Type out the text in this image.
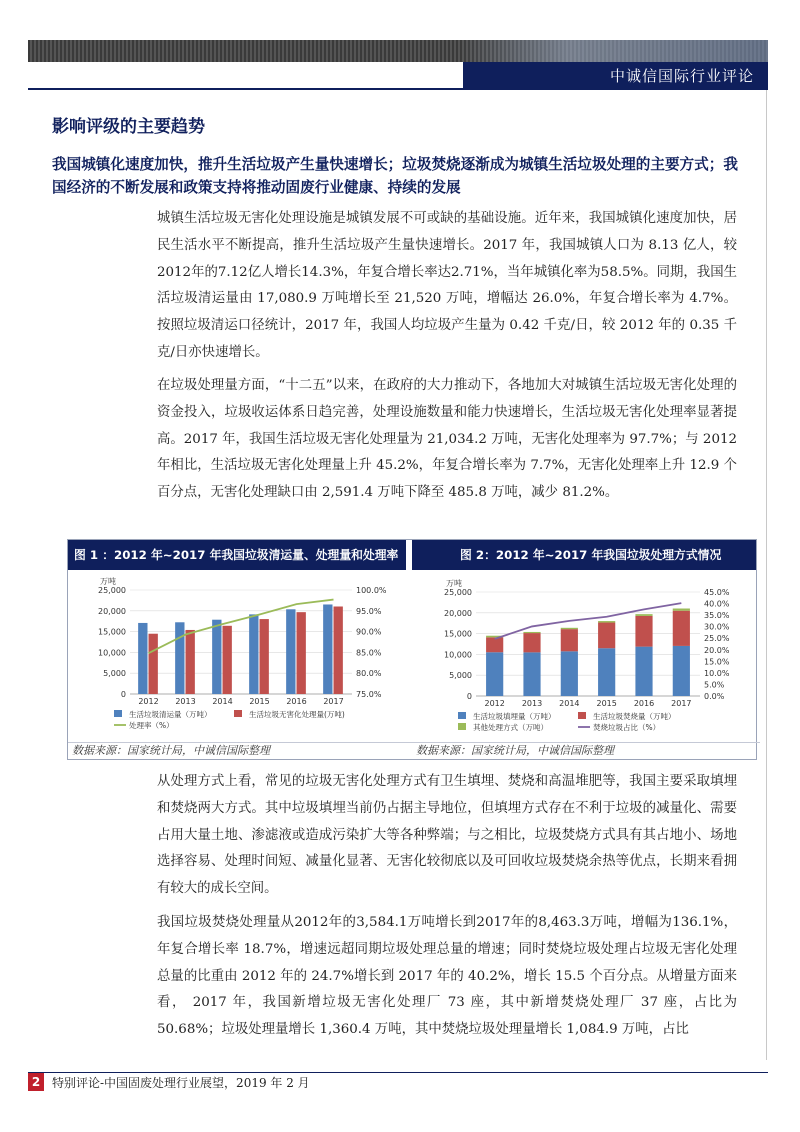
中诚信国际行业评论
影响评级的主要趋势
我国城镇化速度加快，推升生活垃圾产生量快速增长；垃圾焚烧逐渐成为城镇生活垃圾处理的主要方式；我国经济的不断发展和政策支持将推动固废行业健康、持续的发展

城镇生活垃圾无害化处理设施是城镇发展不可或缺的基础设施。近年来，我国城镇化速度加快，居民生活水平不断提高，推升生活垃圾产生量快速增长。2017 年，我国城镇人口为 8.13 亿人，较2012年的7.12亿人增长14.3%，年复合增长率达2.71%，当年城镇化率为58.5%。同期，我国生活垃圾清运量由 17,080.9 万吨增长至 21,520 万吨，增幅达 26.0%，年复合增长率为 4.7%。按照垃圾清运口径统计，2017 年，我国人均垃圾产生量为 0.42 千克/日，较 2012 年的 0.35 千克/日亦快速增长。

在垃圾处理量方面，“十二五”以来，在政府的大力推动下，各地加大对城镇生活垃圾无害化处理的资金投入，垃圾收运体系日趋完善，处理设施数量和能力快速增长，生活垃圾无害化处理率显著提高。2017 年，我国生活垃圾无害化处理量为 21,034.2 万吨，无害化处理率为 97.7%；与 2012 年相比，生活垃圾无害化处理量上升 45.2%，年复合增长率为 7.7%，无害化处理率上升 12.9 个百分点，无害化处理缺口由 2,591.4 万吨下降至 485.8 万吨，减少 81.2%。

图 1 ：2012 年~2017 年我国垃圾清运量、处理量和处理率情况
图 2：2012 年~2017 年我国垃圾处理方式情况
万吨
0
5,000
10,000
15,000
20,000
25,000
75.0%
80.0%
85.0%
90.0%
95.0%
100.0%
2012 2013 2014 2015 2016 2017
生活垃圾清运量（万吨）	生活垃圾无害化处理量(万吨)
处理率（%）
万吨
0
5,000
10,000
15,000
20,000
25,000
0.0%
5.0%
10.0%
15.0%
20.0%
25.0%
30.0%
35.0%
40.0%
45.0%
2012 2013 2014 2015 2016 2017
生活垃圾填埋量（万吨）	生活垃圾焚烧量（万吨）
其他处理方式（万吨）	焚烧垃圾占比（%）
数据来源：国家统计局，中诚信国际整理	数据来源：国家统计局，中诚信国际整理

从处理方式上看，常见的垃圾无害化处理方式有卫生填埋、焚烧和高温堆肥等，我国主要采取填埋和焚烧两大方式。其中垃圾填埋当前仍占据主导地位，但填埋方式存在不利于垃圾的减量化、需要占用大量土地、渗滤液或造成污染扩大等各种弊端；与之相比，垃圾焚烧方式具有其占地小、场地选择容易、处理时间短、减量化显著、无害化较彻底以及可回收垃圾焚烧余热等优点，长期来看拥有较大的成长空间。

我国垃圾焚烧处理量从2012年的3,584.1万吨增长到2017年的8,463.3万吨，增幅为136.1%，年复合增长率 18.7%，增速远超同期垃圾处理总量的增速；同时焚烧垃圾处理占垃圾无害化处理总量的比重由 2012 年的 24.7%增长到 2017 年的 40.2%，增长 15.5 个百分点。从增量方面来看， 2017 年，我国新增垃圾无害化处理厂 73 座，其中新增焚烧处理厂 37 座，占比为 50.68%；垃圾处理量增长 1,360.4 万吨，其中焚烧垃圾处理量增长 1,084.9 万吨，占比

2 特别评论-中国固废处理行业展望，2019 年 2 月
